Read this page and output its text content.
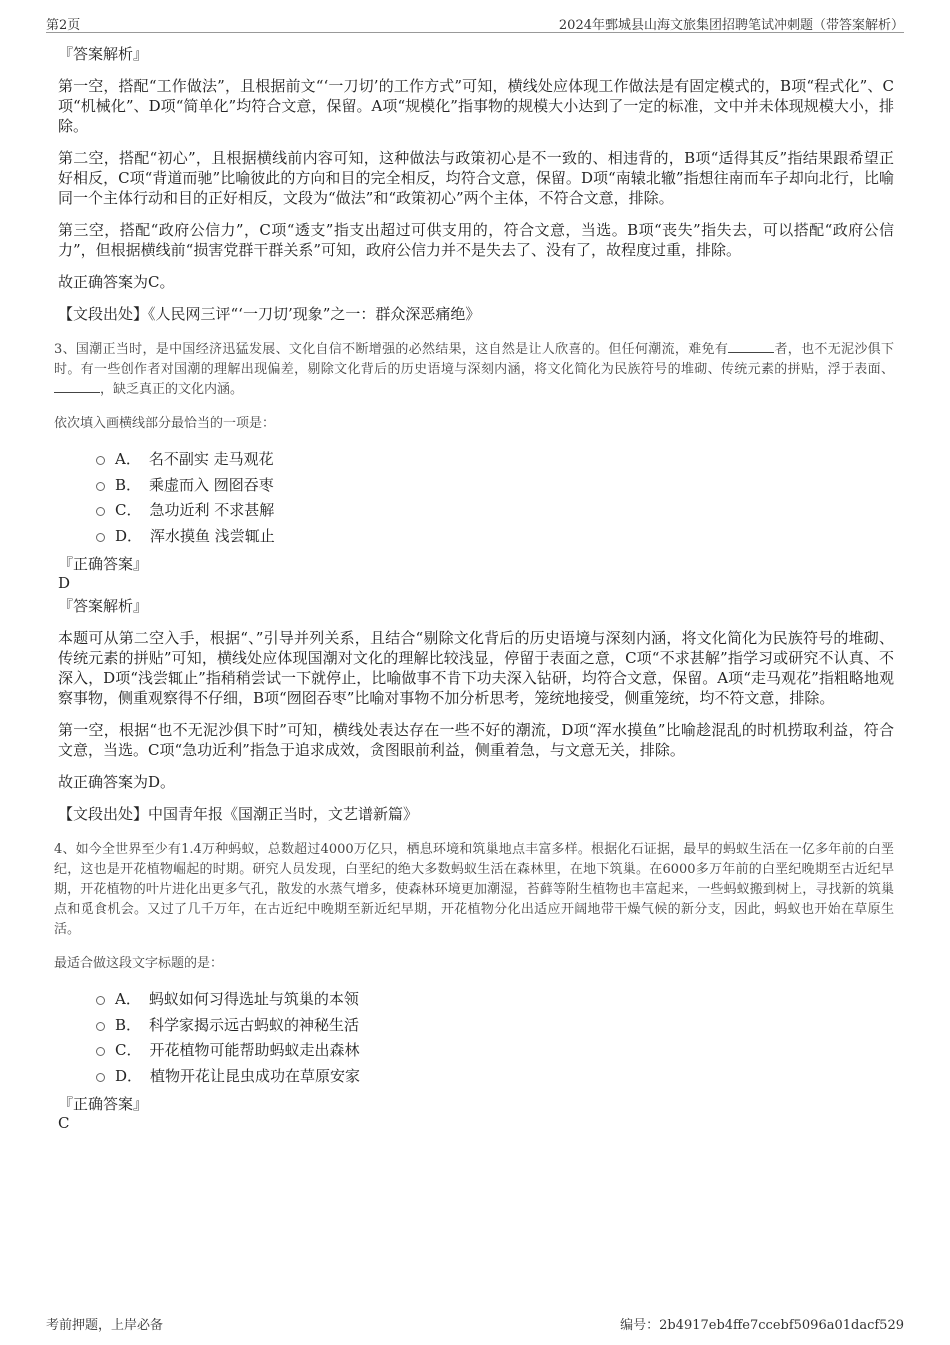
第2页	2024年鄄城县山海文旅集团招聘笔试冲刺题（带答案解析）
『答案解析』

第一空，搭配“工作做法”，且根据前文“‘一刀切’的工作方式”可知，横线处应体现工作做法是有固定模式的，B项“程式化”、C项“机械化”、D项“简单化”均符合文意，保留。A项“规模化”指事物的规模大小达到了一定的标准，文中并未体现规模大小，排除。

第二空，搭配“初心”，且根据横线前内容可知，这种做法与政策初心是不一致的、相违背的，B项“适得其反”指结果跟希望正好相反，C项“背道而驰”比喻彼此的方向和目的完全相反，均符合文意，保留。D项“南辕北辙”指想往南而车子却向北行，比喻同一个主体行动和目的正好相反，文段为“做法”和“政策初心”两个主体，不符合文意，排除。

第三空，搭配“政府公信力”，C项“透支”指支出超过可供支用的，符合文意，当选。B项“丧失”指失去，可以搭配“政府公信力”，但根据横线前“损害党群干群关系”可知，政府公信力并不是失去了、没有了，故程度过重，排除。

故正确答案为C。

【文段出处】《人民网三评“‘一刀切’现象”之一：群众深恶痛绝》

3、国潮正当时，是中国经济迅猛发展、文化自信不断增强的必然结果，这自然是让人欣喜的。但任何潮流，难免有	者，也不无泥沙俱下时。有一些创作者对国潮的理解出现偏差，剔除文化背后的历史语境与深刻内涵，将文化简化为民族符号的堆砌、传统元素的拼贴，浮于表面、，缺乏真正的文化内涵。

依次填入画横线部分最恰当的一项是：

A． 名不副实 走马观花
B． 乘虚而入 囫囵吞枣
C． 急功近利 不求甚解
D． 浑水摸鱼 浅尝辄止
『正确答案』
D
『答案解析』

本题可从第二空入手，根据“、”引导并列关系，且结合“剔除文化背后的历史语境与深刻内涵，将文化简化为民族符号的堆砌、传统元素的拼贴”可知，横线处应体现国潮对文化的理解比较浅显，停留于表面之意，C项“不求甚解”指学习或研究不认真、不深入，D项“浅尝辄止”指稍稍尝试一下就停止，比喻做事不肯下功夫深入钻研，均符合文意，保留。A项“走马观花”指粗略地观察事物，侧重观察得不仔细，B项“囫囵吞枣”比喻对事物不加分析思考，笼统地接受，侧重笼统，均不符文意，排除。

第一空，根据“也不无泥沙俱下时”可知，横线处表达存在一些不好的潮流，D项“浑水摸鱼”比喻趁混乱的时机捞取利益，符合文意，当选。C项“急功近利”指急于追求成效，贪图眼前利益，侧重着急，与文意无关，排除。

故正确答案为D。

【文段出处】中国青年报《国潮正当时，文艺谱新篇》

4、如今全世界至少有1.4万种蚂蚁，总数超过4000万亿只，栖息环境和筑巢地点丰富多样。根据化石证据，最早的蚂蚁生活在一亿多年前的白垩纪，这也是开花植物崛起的时期。研究人员发现，白垩纪的绝大多数蚂蚁生活在森林里，在地下筑巢。在6000多万年前的白垩纪晚期至古近纪早期，开花植物的叶片进化出更多气孔，散发的水蒸气增多，使森林环境更加潮湿，苔藓等附生植物也丰富起来，一些蚂蚁搬到树上，寻找新的筑巢点和觅食机会。又过了几千万年，在古近纪中晚期至新近纪早期，开花植物分化出适应开阔地带干燥气候的新分支，因此，蚂蚁也开始在草原生活。

最适合做这段文字标题的是：

A． 蚂蚁如何习得选址与筑巢的本领
B． 科学家揭示远古蚂蚁的神秘生活
C． 开花植物可能帮助蚂蚁走出森林
D． 植物开花让昆虫成功在草原安家
『正确答案』
C
考前押题，上岸必备	编号：2b4917eb4ffe7ccebf5096a01dacf529
